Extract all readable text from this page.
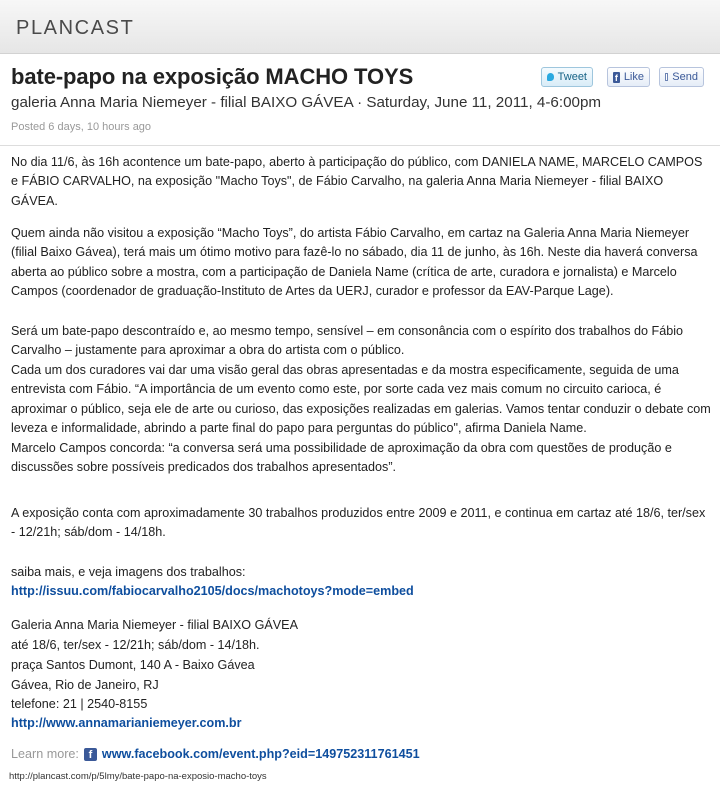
PLANCAST
bate-papo na exposição MACHO TOYS
galeria Anna Maria Niemeyer - filial BAIXO GÁVEA · Saturday, June 11, 2011, 4-6:00pm
Posted 6 days, 10 hours ago
Tweet	f Like	Send
No dia 11/6, às 16h acontence um bate-papo, aberto à participação do público, com DANIELA NAME, MARCELO CAMPOS e FÁBIO CARVALHO, na exposição "Macho Toys", de Fábio Carvalho, na galeria Anna Maria Niemeyer - filial BAIXO GÁVEA.
Quem ainda não visitou a exposição “Macho Toys”, do artista Fábio Carvalho, em cartaz na Galeria Anna Maria Niemeyer (filial Baixo Gávea), terá mais um ótimo motivo para fazê-lo no sábado, dia 11 de junho, às 16h. Neste dia haverá conversa aberta ao público sobre a mostra, com a participação de Daniela Name (crítica de arte, curadora e jornalista) e Marcelo Campos (coordenador de graduação-Instituto de Artes da UERJ, curador e professor da EAV-Parque Lage).
Será um bate-papo descontraído e, ao mesmo tempo, sensível – em consonância com o espírito dos trabalhos do Fábio Carvalho – justamente para aproximar a obra do artista com o público.
Cada um dos curadores vai dar uma visão geral das obras apresentadas e da mostra especificamente, seguida de uma entrevista com Fábio. “A importância de um evento como este, por sorte cada vez mais comum no circuito carioca, é aproximar o público, seja ele de arte ou curioso, das exposições realizadas em galerias. Vamos tentar conduzir o debate com leveza e informalidade, abrindo a parte final do papo para perguntas do público", afirma Daniela Name.
Marcelo Campos concorda: “a conversa será uma possibilidade de aproximação da obra com questões de produção e discussões sobre possíveis predicados dos trabalhos apresentados”.
A exposição conta com aproximadamente 30 trabalhos produzidos entre 2009 e 2011, e continua em cartaz até 18/6, ter/sex - 12/21h; sáb/dom - 14/18h.
saiba mais, e veja imagens dos trabalhos:
http://issuu.com/fabiocarvalho2105/docs/machotoys?mode=embed
Galeria Anna Maria Niemeyer - filial BAIXO GÁVEA
até 18/6, ter/sex - 12/21h; sáb/dom - 14/18h.
praça Santos Dumont, 140 A - Baixo Gávea
Gávea, Rio de Janeiro, RJ
telefone: 21 | 2540-8155
http://www.annamarianiemeyer.com.br
Learn more: f www.facebook.com/event.php?eid=149752311761451
http://plancast.com/p/5lmy/bate-papo-na-exposio-macho-toys
